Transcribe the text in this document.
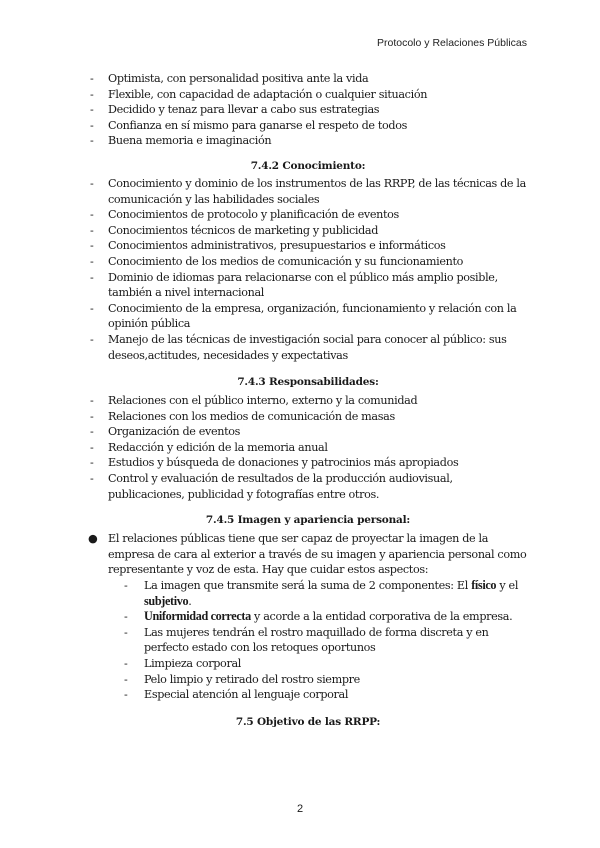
Protocolo y Relaciones Públicas
- Optimista, con personalidad positiva ante la vida
- Flexible, con capacidad de adaptación o cualquier situación
- Decidido y tenaz para llevar a cabo sus estrategias
- Confianza en sí mismo para ganarse el respeto de todos
- Buena memoria e imaginación
7.4.2 Conocimiento:
- Conocimiento y dominio de los instrumentos de las RRPP, de las técnicas de la comunicación y las habilidades sociales
- Conocimientos de protocolo y planificación de eventos
- Conocimientos técnicos de marketing y publicidad
- Conocimientos administrativos, presupuestarios e informáticos
- Conocimiento de los medios de comunicación y su funcionamiento
- Dominio de idiomas para relacionarse con el público más amplio posible, también a nivel internacional
- Conocimiento de la empresa, organización, funcionamiento y relación con la opinión pública
- Manejo de las técnicas de investigación social para conocer al público: sus deseos,actitudes, necesidades y expectativas
7.4.3 Responsabilidades:
- Relaciones con el público interno, externo y la comunidad
- Relaciones con los medios de comunicación de masas
- Organización de eventos
- Redacción y edición de la memoria anual
- Estudios y búsqueda de donaciones y patrocinios más apropiados
- Control y evaluación de resultados de la producción audiovisual, publicaciones, publicidad y fotografías entre otros.
7.4.5 Imagen y apariencia personal:
● El relaciones públicas tiene que ser capaz de proyectar la imagen de la empresa de cara al exterior a través de su imagen y apariencia personal como representante y voz de esta. Hay que cuidar estos aspectos:
- La imagen que transmite será la suma de 2 componentes: El físico y el subjetivo.
- Uniformidad correcta y acorde a la entidad corporativa de la empresa.
- Las mujeres tendrán el rostro maquillado de forma discreta y en perfecto estado con los retoques oportunos
- Limpieza corporal
- Pelo limpio y retirado del rostro siempre
- Especial atención al lenguaje corporal
7.5 Objetivo de las RRPP:
2
